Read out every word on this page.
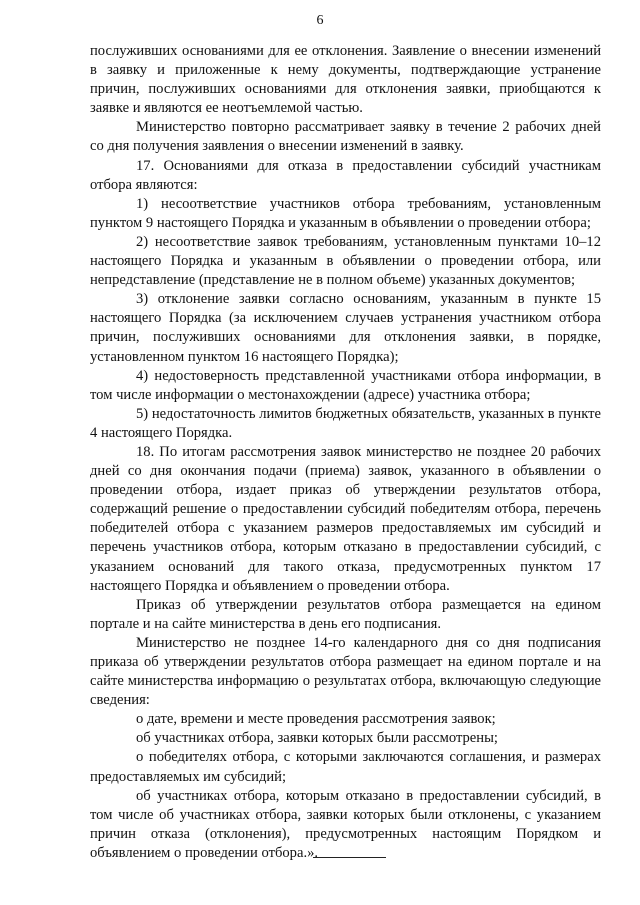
6

послуживших основаниями для ее отклонения. Заявление о внесении изменений в заявку и приложенные к нему документы, подтверждающие устранение причин, послуживших основаниями для отклонения заявки, приобщаются к заявке и являются ее неотъемлемой частью.

Министерство повторно рассматривает заявку в течение 2 рабочих дней со дня получения заявления о внесении изменений в заявку.

17. Основаниями для отказа в предоставлении субсидий участникам отбора являются:

1) несоответствие участников отбора требованиям, установленным пунктом 9 настоящего Порядка и указанным в объявлении о проведении отбора;

2) несоответствие заявок требованиям, установленным пунктами 10–12 настоящего Порядка и указанным в объявлении о проведении отбора, или непредставление (представление не в полном объеме) указанных документов;

3) отклонение заявки согласно основаниям, указанным в пункте 15 настоящего Порядка (за исключением случаев устранения участником отбора причин, послуживших основаниями для отклонения заявки, в порядке, установленном пунктом 16 настоящего Порядка);

4) недостоверность представленной участниками отбора информации, в том числе информации о местонахождении (адресе) участника отбора;

5) недостаточность лимитов бюджетных обязательств, указанных в пункте 4 настоящего Порядка.

18. По итогам рассмотрения заявок министерство не позднее 20 рабочих дней со дня окончания подачи (приема) заявок, указанного в объявлении о проведении отбора, издает приказ об утверждении результатов отбора, содержащий решение о предоставлении субсидий победителям отбора, перечень победителей отбора с указанием размеров предоставляемых им субсидий и перечень участников отбора, которым отказано в предоставлении субсидий, с указанием оснований для такого отказа, предусмотренных пунктом 17 настоящего Порядка и объявлением о проведении отбора.

Приказ об утверждении результатов отбора размещается на едином портале и на сайте министерства в день его подписания.

Министерство не позднее 14-го календарного дня со дня подписания приказа об утверждении результатов отбора размещает на едином портале и на сайте министерства информацию о результатах отбора, включающую следующие сведения:

о дате, времени и месте проведения рассмотрения заявок;

об участниках отбора, заявки которых были рассмотрены;

о победителях отбора, с которыми заключаются соглашения, и размерах предоставляемых им субсидий;

об участниках отбора, которым отказано в предоставлении субсидий, в том числе об участниках отбора, заявки которых были отклонены, с указанием причин отказа (отклонения), предусмотренных настоящим Порядком и объявлением о проведении отбора.».
